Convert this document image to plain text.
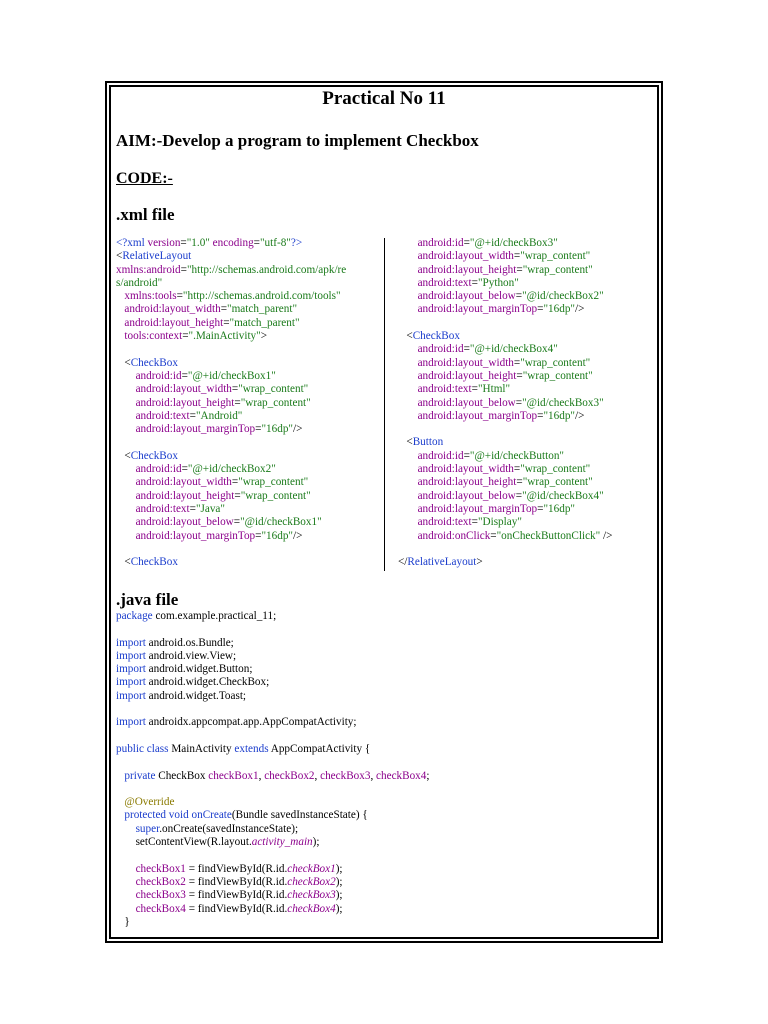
Practical No 11
AIM:-Develop a program to implement Checkbox
CODE:-
.xml file
<?xml version="1.0" encoding="utf-8"?>
<RelativeLayout
xmlns:android="http://schemas.android.com/apk/re
s/android"
xmlns:tools="http://schemas.android.com/tools"
android:layout_width="match_parent"
android:layout_height="match_parent"
tools:context=".MainActivity">
<CheckBox
android:id="@+id/checkBox1"
android:layout_width="wrap_content"
android:layout_height="wrap_content"
android:text="Android"
android:layout_marginTop="16dp"/>
<CheckBox
android:id="@+id/checkBox2"
android:layout_width="wrap_content"
android:layout_height="wrap_content"
android:text="Java"
android:layout_below="@id/checkBox1"
android:layout_marginTop="16dp"/>
<CheckBox
android:id="@+id/checkBox3"
android:layout_width="wrap_content"
android:layout_height="wrap_content"
android:text="Python"
android:layout_below="@id/checkBox2"
android:layout_marginTop="16dp"/>
<CheckBox
android:id="@+id/checkBox4"
android:layout_width="wrap_content"
android:layout_height="wrap_content"
android:text="Html"
android:layout_below="@id/checkBox3"
android:layout_marginTop="16dp"/>
<Button
android:id="@+id/checkButton"
android:layout_width="wrap_content"
android:layout_height="wrap_content"
android:layout_below="@id/checkBox4"
android:layout_marginTop="16dp"
android:text="Display"
android:onClick="onCheckButtonClick" />
</RelativeLayout>
.java file
package com.example.practical_11;
import android.os.Bundle;
import android.view.View;
import android.widget.Button;
import android.widget.CheckBox;
import android.widget.Toast;
import androidx.appcompat.app.AppCompatActivity;
public class MainActivity extends AppCompatActivity {
private CheckBox checkBox1, checkBox2, checkBox3, checkBox4;
@Override
protected void onCreate(Bundle savedInstanceState) {
super.onCreate(savedInstanceState);
setContentView(R.layout.activity_main);
checkBox1 = findViewById(R.id.checkBox1);
checkBox2 = findViewById(R.id.checkBox2);
checkBox3 = findViewById(R.id.checkBox3);
checkBox4 = findViewById(R.id.checkBox4);
}
